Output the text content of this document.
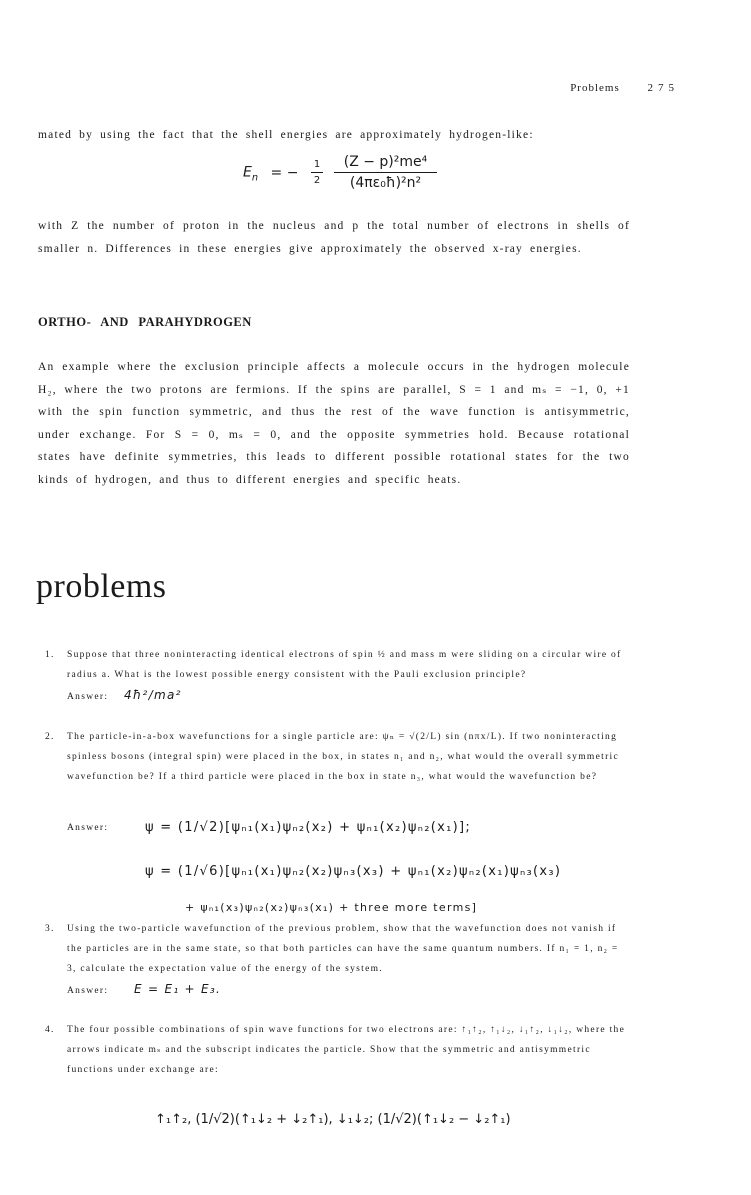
Problems	275
mated by using the fact that the shell energies are approximately hydrogen-like:
$E_n$ = − $\frac{1}{2}$
$\frac{\text{(Z − p)²me⁴}}{\text{(4πε₀ħ)²n²}}$
with Z the number of proton in the nucleus and p the total number of electrons in shells of smaller n. Differences in these energies give approximately the observed x-ray energies.
ORTHO- AND PARAHYDROGEN
An example where the exclusion principle affects a molecule occurs in the hydrogen molecule H₂, where the two protons are fermions. If the spins are parallel, S = 1 and mₛ = −1, 0, +1 with the spin function symmetric, and thus the rest of the wave function is antisymmetric, under exchange. For S = 0, mₛ = 0, and the opposite symmetries hold. Because rotational states have definite symmetries, this leads to different possible rotational states for the two kinds of hydrogen, and thus to different energies and specific heats.
problems
1.	Suppose that three noninteracting identical electrons of spin ½ and mass m were sliding on a circular wire of radius a. What is the lowest possible energy consistent with the Pauli exclusion principle?
Answer: 4ħ²/ma²
2.	The particle-in-a-box wavefunctions for a single particle are: ψₙ = √(2/L) sin (nπx/L). If two noninteracting spinless bosons (integral spin) were placed in the box, in states n₁ and n₂, what would the overall symmetric wavefunction be? If a third particle were placed in the box in state n₃, what would the wavefunction be?
Answer:	ψ = (1/√2)[ψₙ₁(x₁)ψₙ₂(x₂) + ψₙ₁(x₂)ψₙ₂(x₁)];
ψ = (1/√6)[ψₙ₁(x₁)ψₙ₂(x₂)ψₙ₃(x₃) + ψₙ₁(x₂)ψₙ₂(x₁)ψₙ₃(x₃)
+ ψₙ₁(x₃)ψₙ₂(x₂)ψₙ₃(x₁) + three more terms]
3.	Using the two-particle wavefunction of the previous problem, show that the wavefunction does not vanish if the particles are in the same state, so that both particles can have the same quantum numbers. If n₁ = 1, n₂ = 3, calculate the expectation value of the energy of the system.
Answer: E = E₁ + E₃.
4.	The four possible combinations of spin wave functions for two electrons are: ↑₁↑₂, ↑₁↓₂, ↓₁↑₂, ↓₁↓₂, where the arrows indicate mₛ and the subscript indicates the particle. Show that the symmetric and antisymmetric functions under exchange are:
↑₁↑₂, (1/√2)(↑₁↓₂ + ↓₂↑₁), ↓₁↓₂; (1/√2)(↑₁↓₂ − ↓₂↑₁)
